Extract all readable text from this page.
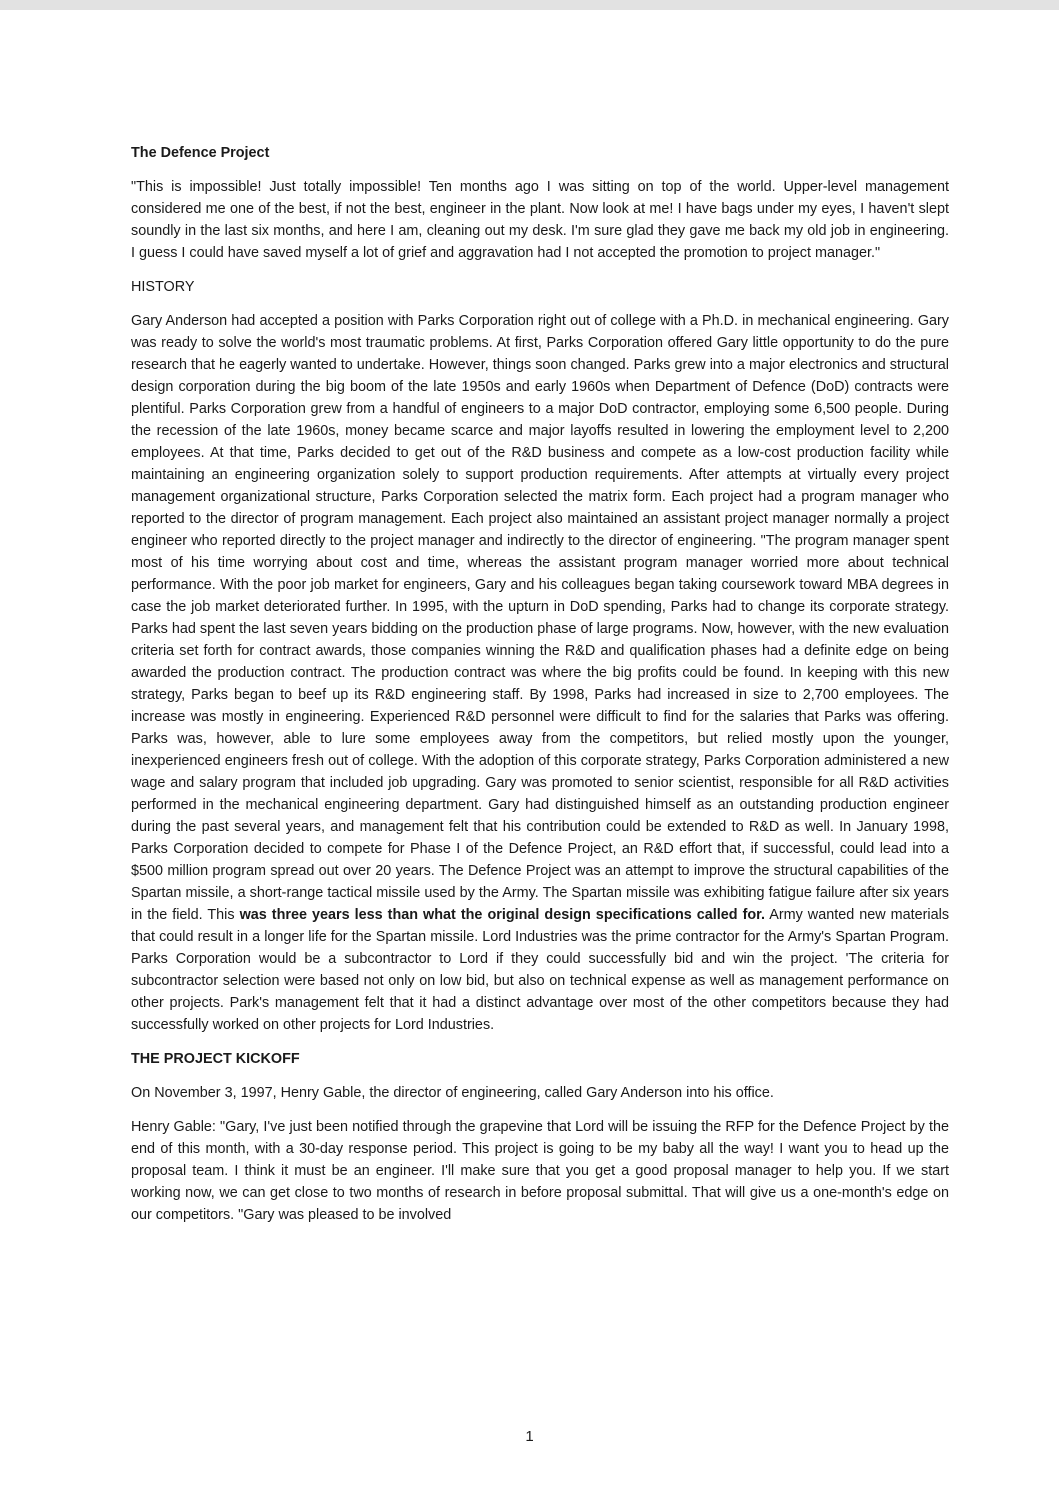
The Defence Project

"This is impossible! Just totally impossible! Ten months ago I was sitting on top of the world. Upper-level management considered me one of the best, if not the best, engineer in the plant. Now look at me! I have bags under my eyes, I haven't slept soundly in the last six months, and here I am, cleaning out my desk. I'm sure glad they gave me back my old job in engineering. I guess I could have saved myself a lot of grief and aggravation had I not accepted the promotion to project manager."

HISTORY

Gary Anderson had accepted a position with Parks Corporation right out of college with a Ph.D. in mechanical engineering. Gary was ready to solve the world's most traumatic problems. At first, Parks Corporation offered Gary little opportunity to do the pure research that he eagerly wanted to undertake. However, things soon changed. Parks grew into a major electronics and structural design corporation during the big boom of the late 1950s and early 1960s when Department of Defence (DoD) contracts were plentiful. Parks Corporation grew from a handful of engineers to a major DoD contractor, employing some 6,500 people. During the recession of the late 1960s, money became scarce and major layoffs resulted in lowering the employment level to 2,200 employees. At that time, Parks decided to get out of the R&D business and compete as a low-cost production facility while maintaining an engineering organization solely to support production requirements. After attempts at virtually every project management organizational structure, Parks Corporation selected the matrix form. Each project had a program manager who reported to the director of program management. Each project also maintained an assistant project manager normally a project engineer who reported directly to the project manager and indirectly to the director of engineering. "The program manager spent most of his time worrying about cost and time, whereas the assistant program manager worried more about technical performance. With the poor job market for engineers, Gary and his colleagues began taking coursework toward MBA degrees in case the job market deteriorated further. In 1995, with the upturn in DoD spending, Parks had to change its corporate strategy. Parks had spent the last seven years bidding on the production phase of large programs. Now, however, with the new evaluation criteria set forth for contract awards, those companies winning the R&D and qualification phases had a definite edge on being awarded the production contract. The production contract was where the big profits could be found. In keeping with this new strategy, Parks began to beef up its R&D engineering staff. By 1998, Parks had increased in size to 2,700 employees. The increase was mostly in engineering. Experienced R&D personnel were difficult to find for the salaries that Parks was offering. Parks was, however, able to lure some employees away from the competitors, but relied mostly upon the younger, inexperienced engineers fresh out of college. With the adoption of this corporate strategy, Parks Corporation administered a new wage and salary program that included job upgrading. Gary was promoted to senior scientist, responsible for all R&D activities performed in the mechanical engineering department. Gary had distinguished himself as an outstanding production engineer during the past several years, and management felt that his contribution could be extended to R&D as well. In January 1998, Parks Corporation decided to compete for Phase I of the Defence Project, an R&D effort that, if successful, could lead into a $500 million program spread out over 20 years. The Defence Project was an attempt to improve the structural capabilities of the Spartan missile, a short-range tactical missile used by the Army. The Spartan missile was exhibiting fatigue failure after six years in the field. This was three years less than what the original design specifications called for. Army wanted new materials that could result in a longer life for the Spartan missile. Lord Industries was the prime contractor for the Army's Spartan Program. Parks Corporation would be a subcontractor to Lord if they could successfully bid and win the project. 'The criteria for subcontractor selection were based not only on low bid, but also on technical expense as well as management performance on other projects. Park's management felt that it had a distinct advantage over most of the other competitors because they had successfully worked on other projects for Lord Industries.

THE PROJECT KICKOFF

On November 3, 1997, Henry Gable, the director of engineering, called Gary Anderson into his office.

Henry Gable: "Gary, I've just been notified through the grapevine that Lord will be issuing the RFP for the Defence Project by the end of this month, with a 30-day response period. This project is going to be my baby all the way! I want you to head up the proposal team. I think it must be an engineer. I'll make sure that you get a good proposal manager to help you. If we start working now, we can get close to two months of research in before proposal submittal. That will give us a one-month's edge on our competitors. "Gary was pleased to be involved

1
